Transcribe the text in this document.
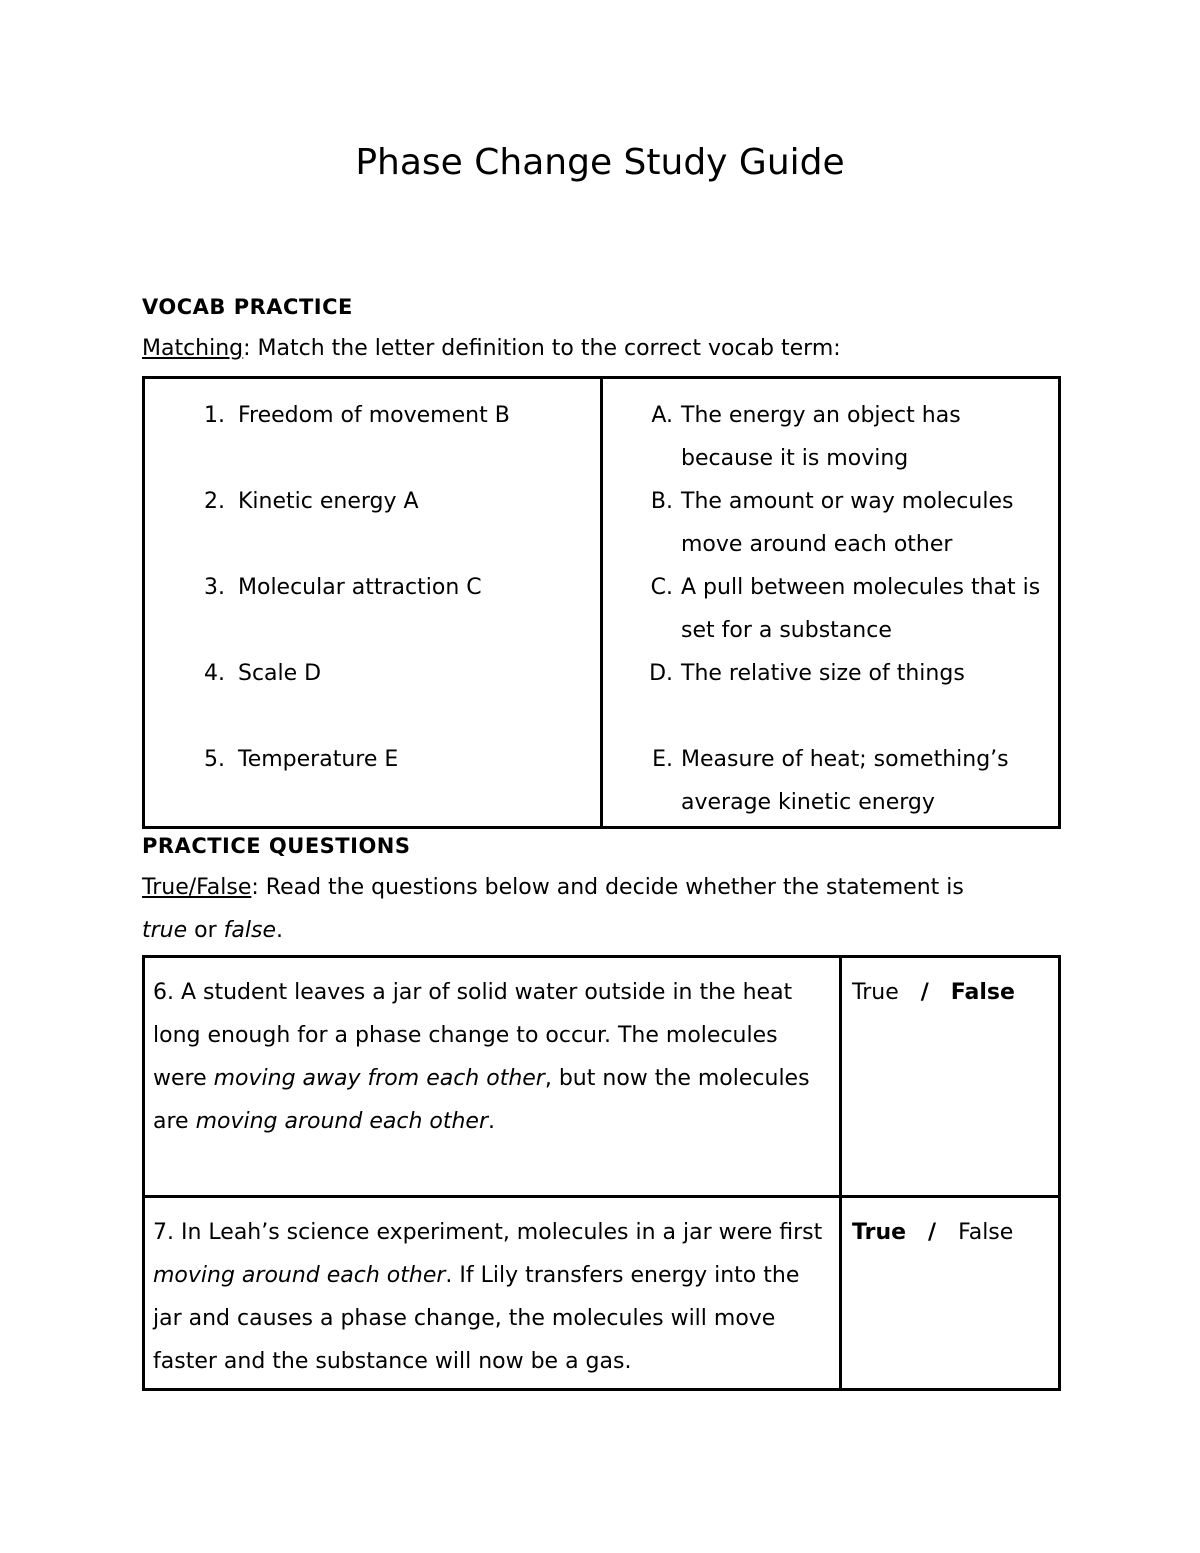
Phase Change Study Guide
VOCAB PRACTICE

Matching: Match the letter definition to the correct vocab term:

1. Freedom of movement B
2. Kinetic energy A
3. Molecular attraction C
4. Scale D
5. Temperature E

A. The energy an object has because it is moving
B. The amount or way molecules move around each other
C. A pull between molecules that is set for a substance
D. The relative size of things
E. Measure of heat; something’s average kinetic energy
PRACTICE QUESTIONS

True/False: Read the questions below and decide whether the statement is
true or false.

6. A student leaves a jar of solid water outside in the heat long enough for a phase change to occur. The molecules were moving away from each other, but now the molecules are moving around each other.	True / False
7. In Leah’s science experiment, molecules in a jar were first moving around each other. If Lily transfers energy into the jar and causes a phase change, the molecules will move faster and the substance will now be a gas.	True / False
